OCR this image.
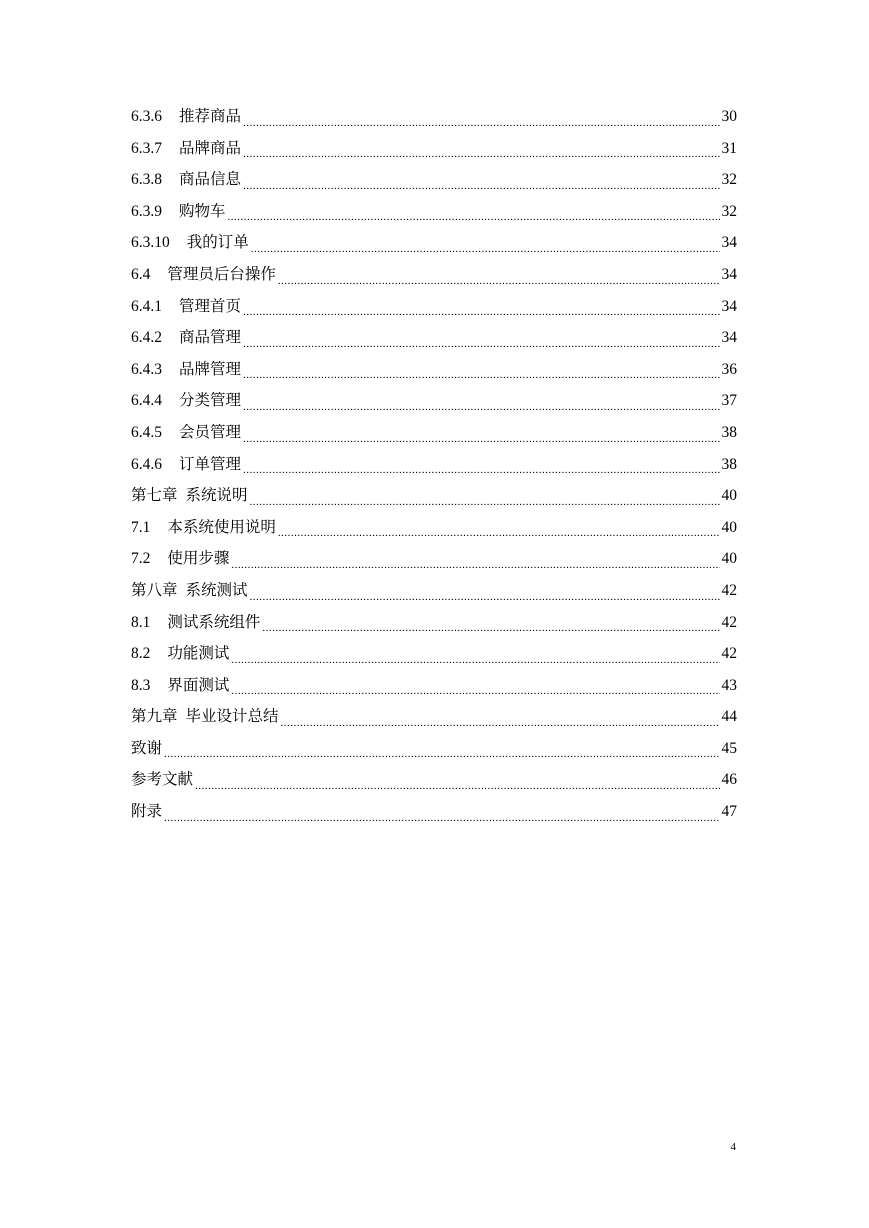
6.3.6 推荐商品 .....	30
6.3.7 品牌商品 .....	31
6.3.8 商品信息 .....	32
6.3.9 购物车 .....	32
6.3.10 我的订单 .....	34
6.4 管理员后台操作 .....	34
6.4.1 管理首页 .....	34
6.4.2 商品管理 .....	34
6.4.3 品牌管理 .....	36
6.4.4 分类管理 .....	37
6.4.5 会员管理 .....	38
6.4.6 订单管理 .....	38
第七章 系统说明 .....	40
7.1 本系统使用说明 .....	40
7.2 使用步骤 .....	40
第八章 系统测试 .....	42
8.1 测试系统组件 .....	42
8.2 功能测试 .....	42
8.3 界面测试 .....	43
第九章 毕业设计总结 .....	44
致谢 .....	45
参考文献 .....	46
附录 .....	47
4
